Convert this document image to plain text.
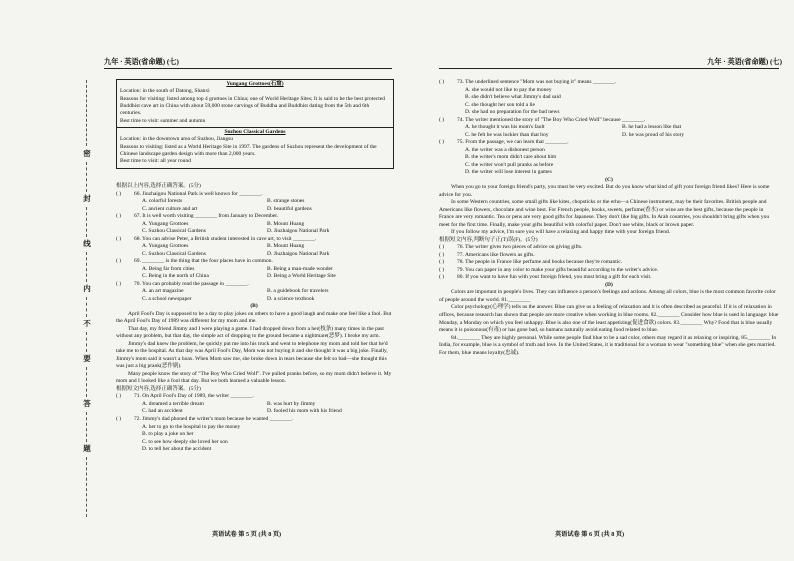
九年 · 英语(省命题) (七)
密
封
线
内
不
要
答
题
Yungang Grottoes(石窟)

Location: in the south of Datong, Shanxi

Reasons for visiting: listed among top 4 grottoes in China; one of World Heritage Sites; It is said to be the best protected Buddhist cave art in China with about 59,000 stone carvings of Buddha and Buddhist dating from the 5th and 6th centuries.

Best time to visit: summer and autumn

Suzhou Classical Gardens

Location: in the downtown area of Suzhou, Jiangsu

Reasons to visiting: listed as a World Heritage Site in 1997. The gardens of Suzhou represent the development of the Chinese landscape garden design with more than 2,000 years.

Best time to visit: all year round

根据以上内容,选择正确答案。(5分)

( )	66. Jiuzhaigou National Park is well known for ________.
A. colorful forests	B. strange stones
C. ancient culture and art	D. beautiful gardens
( )	67. It is well worth visiting ________ from January to December.
A. Yungang Grottoes	B. Mount Huang
C. Suzhou Classical Gardens	D. Jiuzhaigou National Park
( )	68. You can advise Peter, a British student interested in cave art, to visit ________.
A. Yungang Grottoes	B. Mount Huang
C. Suzhou Classical Gardens	D. Jiuzhaigou National Park
( )	69. ________ is the thing that the four places have in common.
A. Being far from cities	B. Being a man-made wonder
C. Being in the north of China	D. Being a World Heritage Site
( )	70. You can probably read the passage in ________.
A. an art magazine	B. a guidebook for travelers
C. a school newspaper	D. a science textbook

(B)

April Fool's Day is supposed to be a day to play jokes on others to have a good laugh and make one feel like a fool. But the April Fool's Day of 1989 was different for my mom and me.

That day, my friend Jimmy and I were playing a game. I had dropped down from a her(枝条) many times in the past without any problem, but that day, the simple act of dropping to the ground became a nightmare(恶梦). I broke my arm.

Jimmy's dad knew the problem, he quickly put me into his truck and went to telephone my mom and told her that he'd take me to the hospital. As that day was April Fool's Day, Mom was not buying it and she thought it was a big joke. Finally, Jimmy's mom said it wasn't a hoax. When Mom saw me, she broke down in tears because she felt so bad—she thought this was just a big prank(恶作剧).

Many people know the story of "The Boy Who Cried Wolf". I've pulled pranks before, so my mom didn't believe it. My mom and I looked like a fool that day. But we both learned a valuable lesson.

根据短文内容,选择正确答案。(5分)

( )	71. On April Fool's Day of 1989, the writer ________.
A. dreamed a terrible dream	B. was hurt by Jimmy
C. had an accident	D. fooled his mom with his friend
( )	72. Jimmy's dad phoned the writer's mom because he wanted ________.
A. her to go to the hospital to pay the money
B. to play a joke on her
C. to see how deeply she loved her son
D. to tell her about the accident
英语试卷 第 5 页 (共 8 页)
九年 · 英语(省命题) (七)
( )	73. The underlined sentence "Mom was not buying it" means ________.
A. she would not like to pay the money
B. she didn't believe what Jimmy's dad said
C. she thought her son told a lie
D. she had no preparation for the bad news
( )	74. The writer mentioned the story of "The Boy Who Cried Wolf" because ________.
A. he thought it was his mom's fault	B. he had a lesson like that
C. he felt he was luckier than that boy	D. he was proud of his story
( )	75. From the passage, we can learn that ________.
A. the writer was a dishonest person
B. the writer's mom didn't care about him
C. the writer won't pull pranks as before
D. the writer will lose interest in games

(C)

When you go to your foreign friend's party, you must be very excited. But do you know what kind of gift your foreign friend likes? Here is some advice for you.

In some Western countries, some small gifts like kites, chopsticks or the erhu—a Chinese instrument, may be their favorites. British people and Americans like flowers, chocolate and wine best. For French people, books, sweets, perfume(香水) or wine are the best gifts, because the people in France are very romantic. Tea or pens are very good gifts for Japanese. They don't like big gifts. In Arab countries, you shouldn't bring gifts when you meet for the first time. Finally, make your gifts beautiful with colorful paper. Don't use white, black or brown paper.

If you follow my advice, I'm sure you will have a relaxing and happy time with your foreign friend.

根据短文内容,判断句子正(T)误(F)。(5分)

( )	76. The writer gives two pieces of advice on giving gifts.
( )	77. Americans like flowers as gifts.
( )	78. The people in France like perfume and books because they're romantic.
( )	79. You can paper in any color to make your gifts beautiful according to the writer's advice.
( )	80. If you want to have fun with your foreign friend, you must bring a gift for each visit.

(D)

Colors are important in people's lives. They can influence a person's feelings and actions. Among all colors, blue is the most common favorite color of people around the world. 81.________

Color psychology(心理学) tells us the answer. Blue can give us a feeling of relaxation and it is often described as peaceful. If it is of relaxation in offices, because research has shown that people are more creative when working in blue rooms. 82.________ Consider how blue is used in language: blue Monday, a Monday on which you feel unhappy. Blue is also one of the least appetizing(促进食欲) colors. 83.________ Why? Food that is blue usually means it is poisonous(有毒) or has gone bad, so humans naturally avoid eating food related to blue.

84.________ They are highly personal. While some people find blue to be a sad color, others may regard it as relaxing or inspiring. 85.________ In India, for example, blue is a symbol of truth and love. In the United States, it is traditional for a woman to wear "something blue" when she gets married. For them, blue means loyalty(忠诚).

英语试卷 第 6 页 (共 8 页)
